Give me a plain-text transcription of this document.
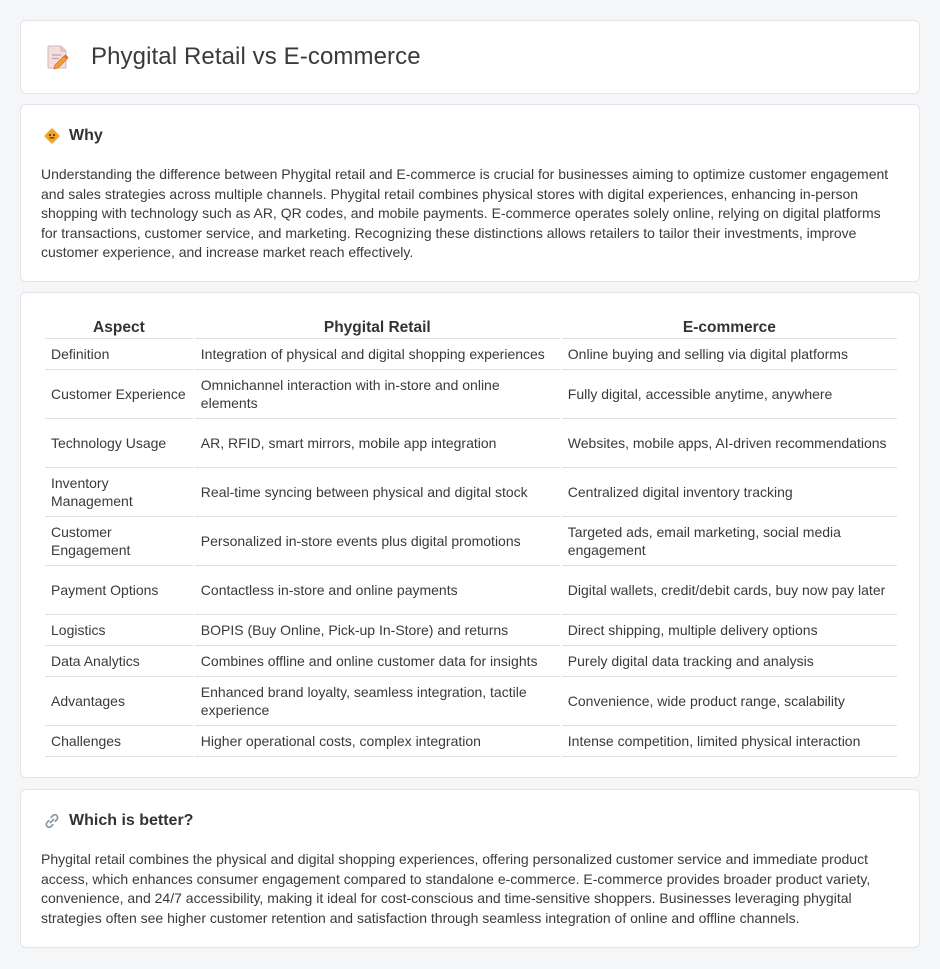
Phygital Retail vs E-commerce
Why

Understanding the difference between Phygital retail and E-commerce is crucial for businesses aiming to optimize customer engagement and sales strategies across multiple channels. Phygital retail combines physical stores with digital experiences, enhancing in-person shopping with technology such as AR, QR codes, and mobile payments. E-commerce operates solely online, relying on digital platforms for transactions, customer service, and marketing. Recognizing these distinctions allows retailers to tailor their investments, improve customer experience, and increase market reach effectively.

Aspect	Phygital Retail	E-commerce
Definition	Integration of physical and digital shopping experiences	Online buying and selling via digital platforms
Customer Experience	Omnichannel interaction with in-store and online elements	Fully digital, accessible anytime, anywhere
Technology Usage	AR, RFID, smart mirrors, mobile app integration	Websites, mobile apps, AI-driven recommendations
Inventory Management	Real-time syncing between physical and digital stock	Centralized digital inventory tracking
Customer Engagement	Personalized in-store events plus digital promotions	Targeted ads, email marketing, social media engagement
Payment Options	Contactless in-store and online payments	Digital wallets, credit/debit cards, buy now pay later
Logistics	BOPIS (Buy Online, Pick-up In-Store) and returns	Direct shipping, multiple delivery options
Data Analytics	Combines offline and online customer data for insights	Purely digital data tracking and analysis
Advantages	Enhanced brand loyalty, seamless integration, tactile experience	Convenience, wide product range, scalability
Challenges	Higher operational costs, complex integration	Intense competition, limited physical interaction
Which is better?

Phygital retail combines the physical and digital shopping experiences, offering personalized customer service and immediate product access, which enhances consumer engagement compared to standalone e-commerce. E-commerce provides broader product variety, convenience, and 24/7 accessibility, making it ideal for cost-conscious and time-sensitive shoppers. Businesses leveraging phygital strategies often see higher customer retention and satisfaction through seamless integration of online and offline channels.
